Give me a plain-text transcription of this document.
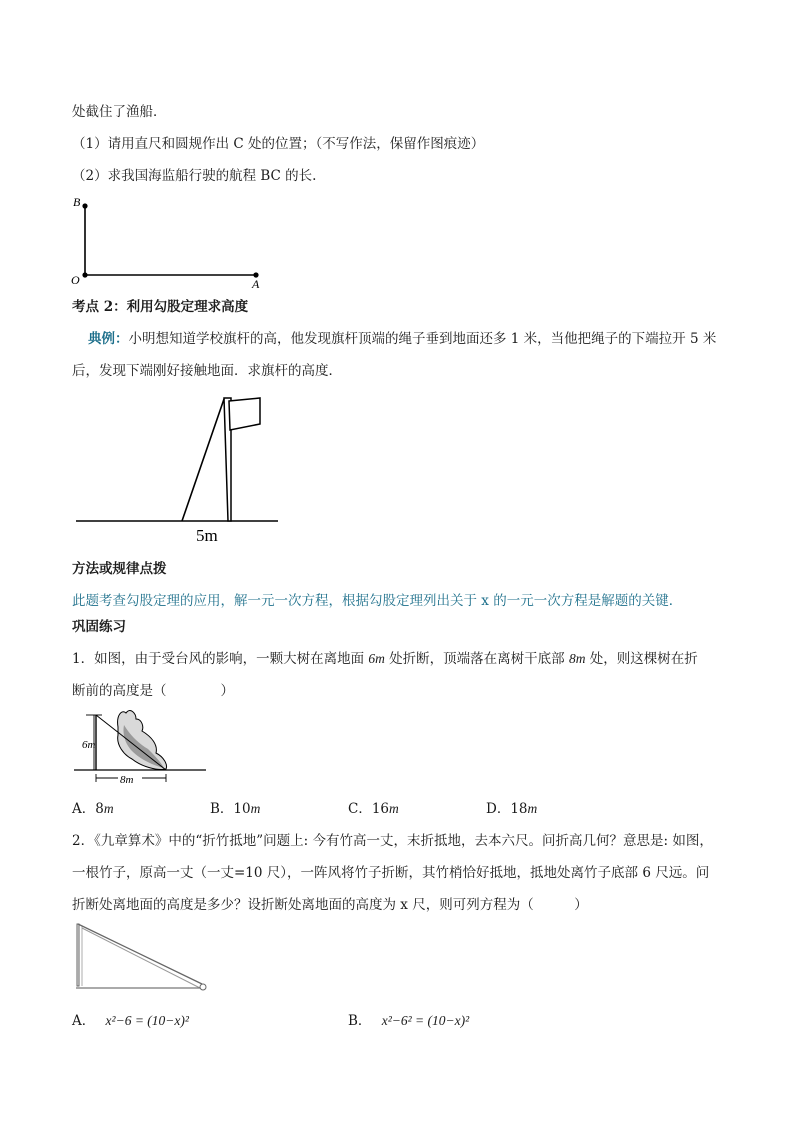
处截住了渔船．
（1）请用直尺和圆规作出 C 处的位置；（不写作法，保留作图痕迹）
（2）求我国海监船行驶的航程 BC 的长.
B
O	A
考点 2：利用勾股定理求高度
典例：小明想知道学校旗杆的高，他发现旗杆顶端的绳子垂到地面还多 1 米，当他把绳子的下端拉开 5 米
后，发现下端刚好接触地面．求旗杆的高度．
5m
方法或规律点拨
此题考查勾股定理的应用，解一元一次方程，根据勾股定理列出关于 x 的一元一次方程是解题的关键．
巩固练习
1．如图，由于受台风的影响，一颗大树在离地面 6m 处折断，顶端落在离树干底部 8m 处，则这棵树在折
断前的高度是（　　　　）
6m
8m
A．8m	B．10m	C．16m	D．18m
2．《九章算术》中的“折竹抵地”问题上: 今有竹高一丈，末折抵地，去本六尺。问折高几何？意思是: 如图，
一根竹子，原高一丈（一丈=10 尺），一阵风将竹子折断，其竹梢恰好抵地，抵地处离竹子底部 6 尺远。问
折断处离地面的高度是多少？设折断处离地面的高度为 x 尺，则可列方程为（　　　）
A． x²−6 = (10−x)²	B． x²−6² = (10−x)²
